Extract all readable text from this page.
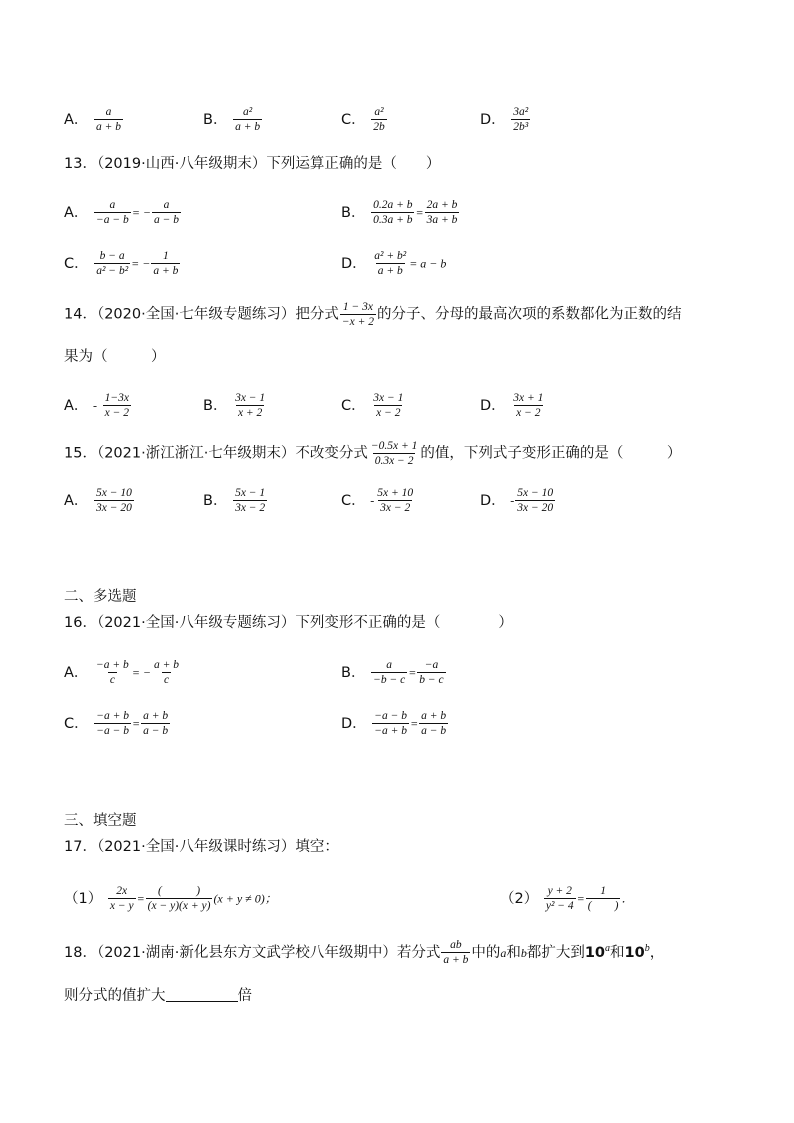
A． $\frac{a}{a + b}$	B． $\frac{\text{a²}}{a + b}$	C． $\frac{\text{a²}}{2b}$	D． $\frac{\text{3a²}}{\text{2b³}}$
13．（2019·山西·八年级期末）下列运算正确的是（　　）
A． $\frac{a}{-a - b}$ = − $\frac{a}{a - b}$	B． $\frac{0.2a + b}{0.3a + b} = \frac{2a + b}{3a + b}$
C． $\frac{b - a}{\text{a² − b²}}$ = − $\frac{1}{a + b}$	D． $\frac{\text{a² + b²}}{a + b} = a - b$
14．（2020·全国·七年级专题练习）把分式 $\frac{1 - 3x}{-x + 2}$ 的分子、分母的最高次项的系数都化为正数的结
果为（　　　）
A． - $\frac{1-3x}{x - 2}$	B． $\frac{3x - 1}{x + 2}$	C． $\frac{3x - 1}{x - 2}$	D． $\frac{3x + 1}{x - 2}$
15．（2021·浙江浙江·七年级期末）不改变分式 $\frac{-0.5x + 1}{0.3x - 2}$ 的值，下列式子变形正确的是（　　　）
A． $\frac{5x - 10}{3x - 20}$	B． $\frac{5x - 1}{3x - 2}$	C． - $\frac{5x + 10}{3x - 2}$	D． - $\frac{5x - 10}{3x - 20}$
二、多选题
16．（2021·全国·八年级专题练习）下列变形不正确的是（　　　　）
A． $\frac{-a + b}{c}$ = − $\frac{a + b}{c}$	B． $\frac{a}{-b - c} = \frac{-a}{b - c}$
C． $\frac{-a + b}{-a - b} = \frac{a + b}{a - b}$	D． $\frac{-a - b}{-a + b} = \frac{a + b}{a - b}$
三、填空题
17．（2021·全国·八年级课时练习）填空：
$(1) \frac{2x}{x - y} = \frac{( )}{(x - y)(x + y)} (x + y \ne 0)$；	$(2) \frac{y + 2}{\text{y² − 4}} = \frac{1}{( )}$ ．
18．（2021·湖南·新化县东方文武学校八年级期中）若分式 $\frac{ab}{a + b}$ 中的a和b都扩大到10$^a$和10$^b$，
则分式的值扩大	倍
